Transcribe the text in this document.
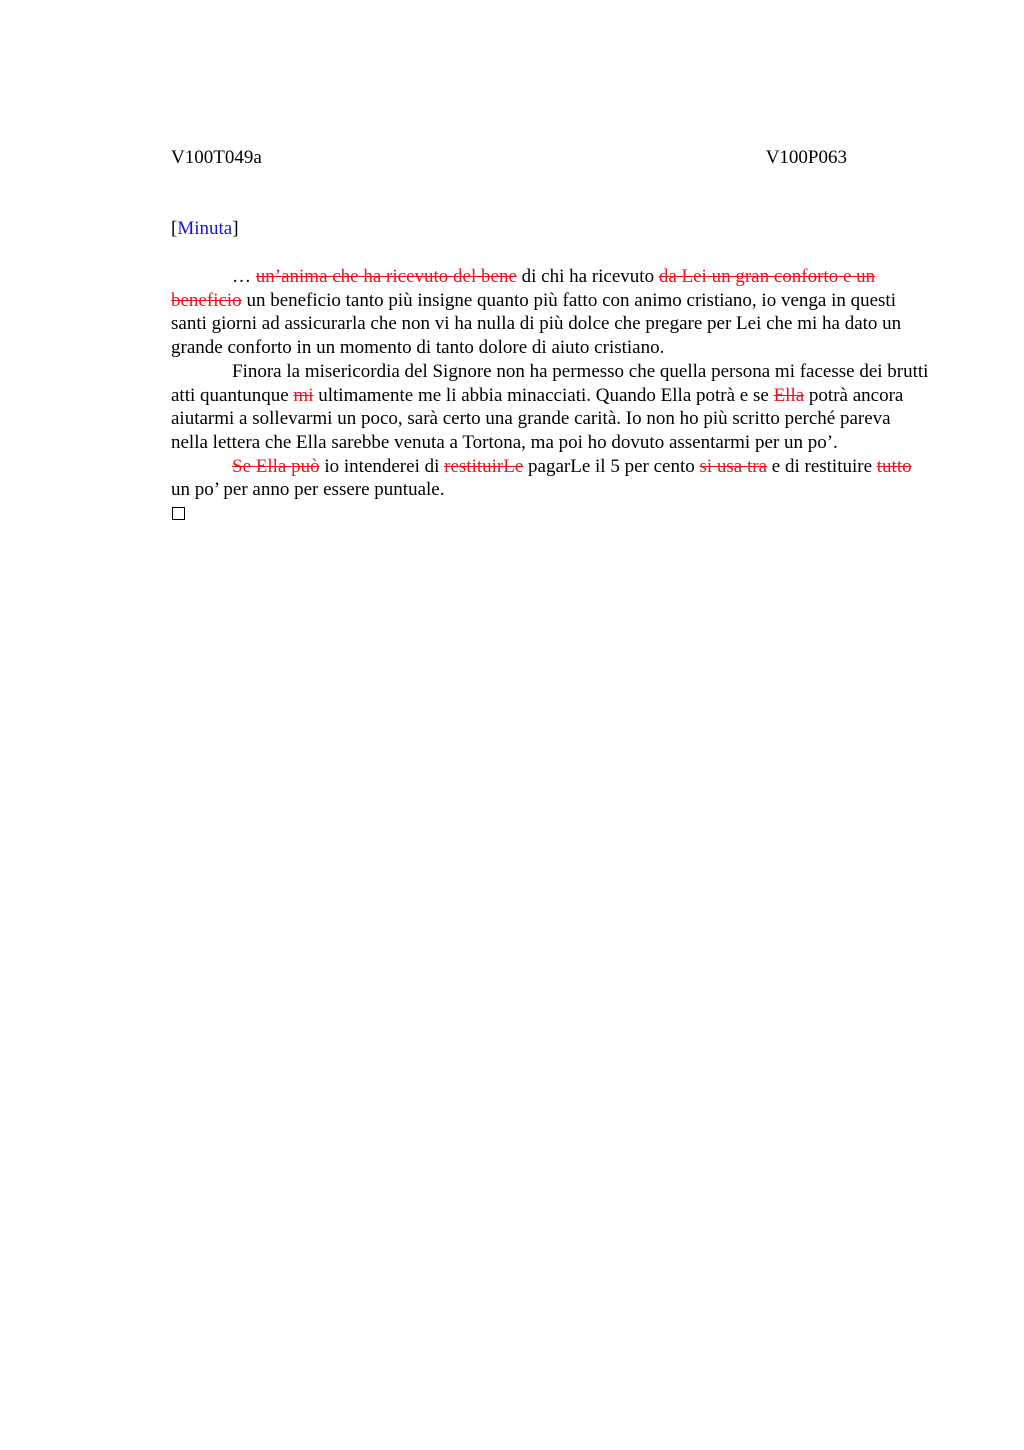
V100T049a	V100P063
[Minuta]

… un’anima che ha ricevuto del bene di chi ha ricevuto da Lei un gran conforto e un beneficio un beneficio tanto più insigne quanto più fatto con animo cristiano, io venga in questi santi giorni ad assicurarla che non vi ha nulla di più dolce che pregare per Lei che mi ha dato un grande conforto in un momento di tanto dolore di aiuto cristiano.

Finora la misericordia del Signore non ha permesso che quella persona mi facesse dei brutti atti quantunque mi ultimamente me li abbia minacciati. Quando Ella potrà e se Ella potrà ancora aiutarmi a sollevarmi un poco, sarà certo una grande carità. Io non ho più scritto perché pareva nella lettera che Ella sarebbe venuta a Tortona, ma poi ho dovuto assentarmi per un po’.

Se Ella può io intenderei di restituirLe pagarLe il 5 per cento si usa tra e di restituire tutto un po’ per anno per essere puntuale.
